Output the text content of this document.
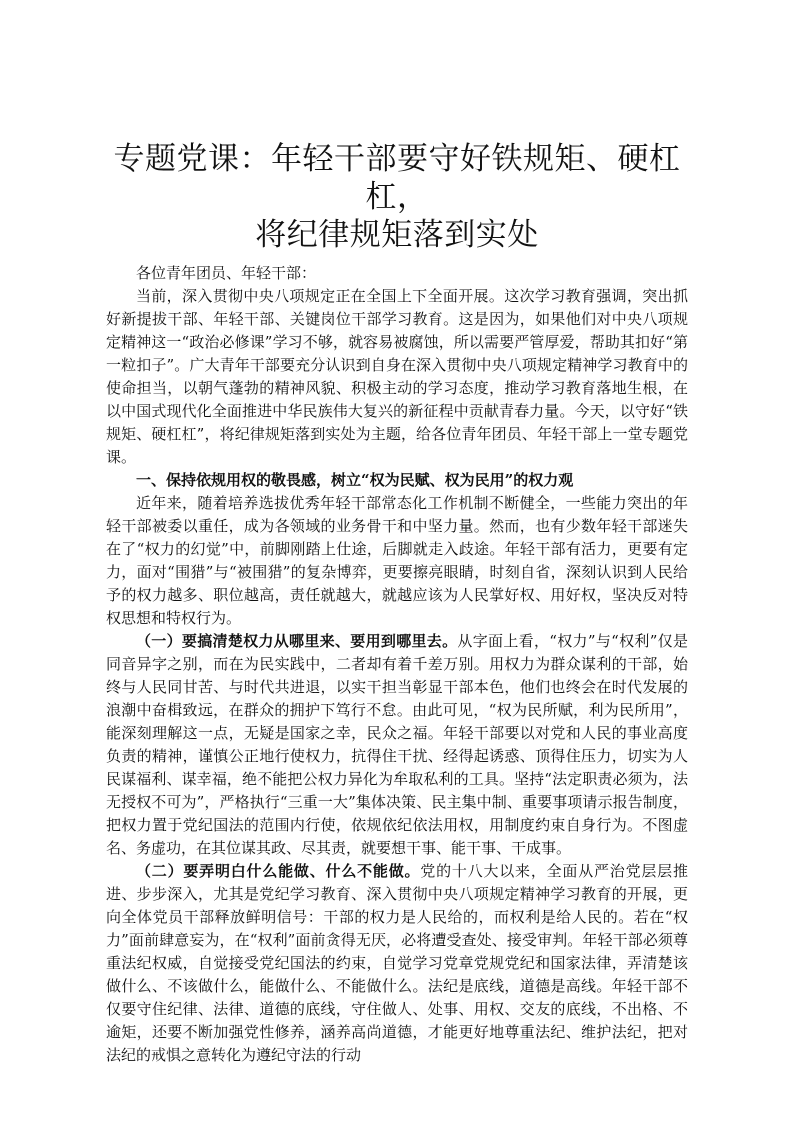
专题党课：年轻干部要守好铁规矩、硬杠杠，
将纪律规矩落到实处

各位青年团员、年轻干部：

当前，深入贯彻中央八项规定正在全国上下全面开展。这次学习教育强调，突出抓好新提拔干部、年轻干部、关键岗位干部学习教育。这是因为，如果他们对中央八项规定精神这一“政治必修课”学习不够，就容易被腐蚀，所以需要严管厚爱，帮助其扣好“第一粒扣子”。广大青年干部要充分认识到自身在深入贯彻中央八项规定精神学习教育中的使命担当，以朝气蓬勃的精神风貌、积极主动的学习态度，推动学习教育落地生根，在以中国式现代化全面推进中华民族伟大复兴的新征程中贡献青春力量。今天，以守好“铁规矩、硬杠杠”，将纪律规矩落到实处为主题，给各位青年团员、年轻干部上一堂专题党课。

一、保持依规用权的敬畏感，树立“权为民赋、权为民用”的权力观

近年来，随着培养选拔优秀年轻干部常态化工作机制不断健全，一些能力突出的年轻干部被委以重任，成为各领域的业务骨干和中坚力量。然而，也有少数年轻干部迷失在了“权力的幻觉”中，前脚刚踏上仕途，后脚就走入歧途。年轻干部有活力，更要有定力，面对“围猎”与“被围猎”的复杂博弈，更要擦亮眼睛，时刻自省，深刻认识到人民给予的权力越多、职位越高，责任就越大，就越应该为人民掌好权、用好权，坚决反对特权思想和特权行为。

（一）要搞清楚权力从哪里来、要用到哪里去。从字面上看，“权力”与“权利”仅是同音异字之别，而在为民实践中，二者却有着千差万别。用权力为群众谋利的干部，始终与人民同甘苦、与时代共进退，以实干担当彰显干部本色，他们也终会在时代发展的浪潮中奋楫致远，在群众的拥护下笃行不怠。由此可见，“权为民所赋，利为民所用”，能深刻理解这一点，无疑是国家之幸，民众之福。年轻干部要以对党和人民的事业高度负责的精神，谨慎公正地行使权力，抗得住干扰、经得起诱惑、顶得住压力，切实为人民谋福利、谋幸福，绝不能把公权力异化为牟取私利的工具。坚持“法定职责必须为，法无授权不可为”，严格执行“三重一大”集体决策、民主集中制、重要事项请示报告制度，把权力置于党纪国法的范围内行使，依规依纪依法用权，用制度约束自身行为。不图虚名、务虚功，在其位谋其政、尽其责，就要想干事、能干事、干成事。

（二）要弄明白什么能做、什么不能做。党的十八大以来，全面从严治党层层推进、步步深入，尤其是党纪学习教育、深入贯彻中央八项规定精神学习教育的开展，更向全体党员干部释放鲜明信号：干部的权力是人民给的，而权利是给人民的。若在“权力”面前肆意妄为，在“权利”面前贪得无厌，必将遭受查处、接受审判。年轻干部必须尊重法纪权威，自觉接受党纪国法的约束，自觉学习党章党规党纪和国家法律，弄清楚该做什么、不该做什么，能做什么、不能做什么。法纪是底线，道德是高线。年轻干部不仅要守住纪律、法律、道德的底线，守住做人、处事、用权、交友的底线，不出格、不逾矩，还要不断加强党性修养，涵养高尚道德，才能更好地尊重法纪、维护法纪，把对法纪的戒惧之意转化为遵纪守法的行动
